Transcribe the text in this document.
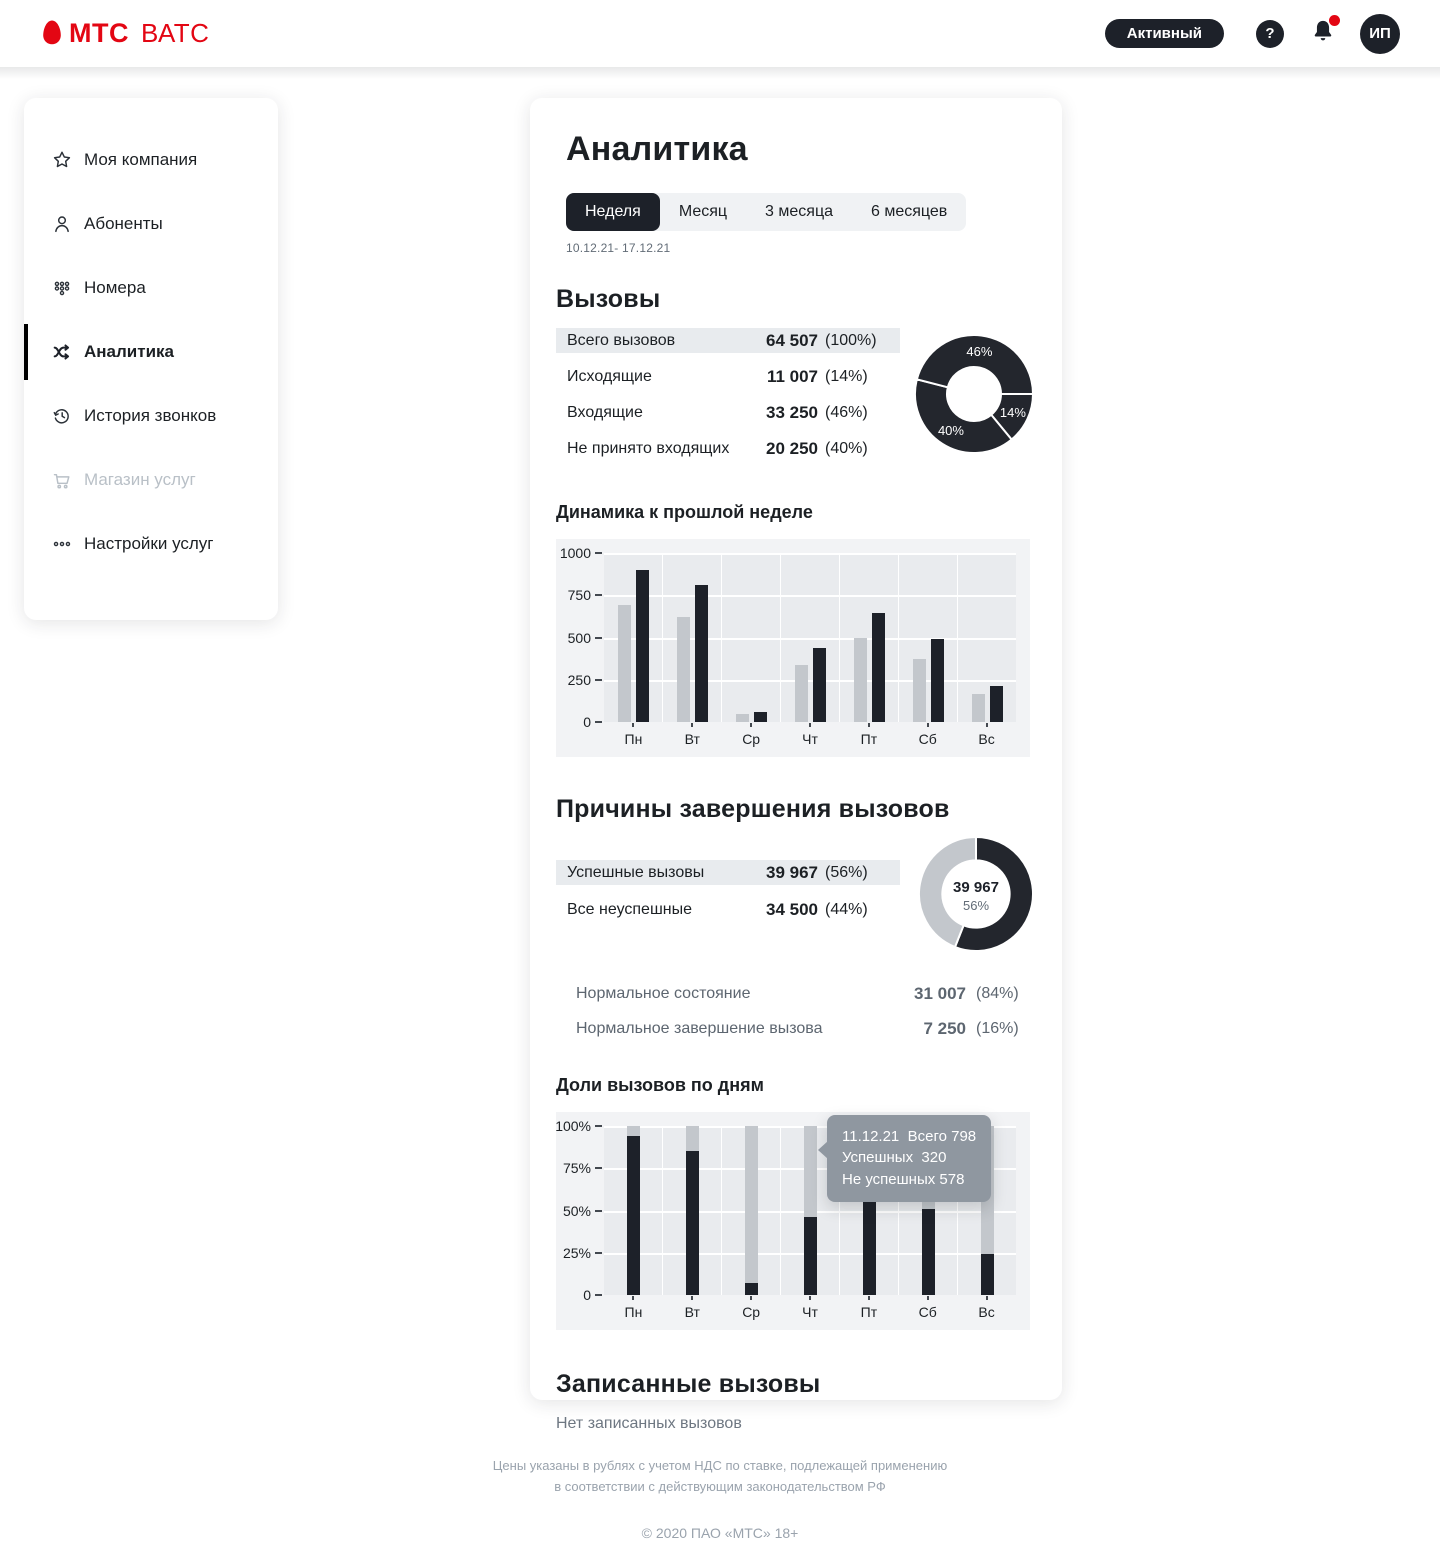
МТС ВАТС	Активный	?	ИП
Моя компания
Абоненты
Номера
Аналитика
История звонков
Магазин услуг
Настройки услуг
Аналитика
Неделя	Месяц	3 месяца	6 месяцев
10.12.21- 17.12.21
Вызовы
Всего вызовов	64 507 (100%)
Исходящие	11 007 (14%)
Входящие	33 250 (46%)
Не принято входящих 20 250 (40%)
14%
40%
46%
Динамика к прошлой неделе
0
250
500
750
1000
Пн	Вт	Ср	Чт	Пт	Сб	Вс
Причины завершения вызовов
Успешные вызовы	39 967 (56%)
Все неуспешные	34 500 (44%)
39 967
56%
Нормальное состояние	31 007 (84%)
Нормальное завершение вызова	7 250 (16%)
Доли вызовов по дням
0
25%
50%
75%
100%
Пн	Вт	Ср	Чт	Пт	Сб	Вс
11.12.21  Всего 798
Успешных  320
Не успешных 578
Записанные вызовы
Нет записанных вызовов
Цены указаны в рублях с учетом НДС по ставке, подлежащей применению
в соответствии с действующим законодательством РФ
© 2020 ПАО «МТС» 18+
